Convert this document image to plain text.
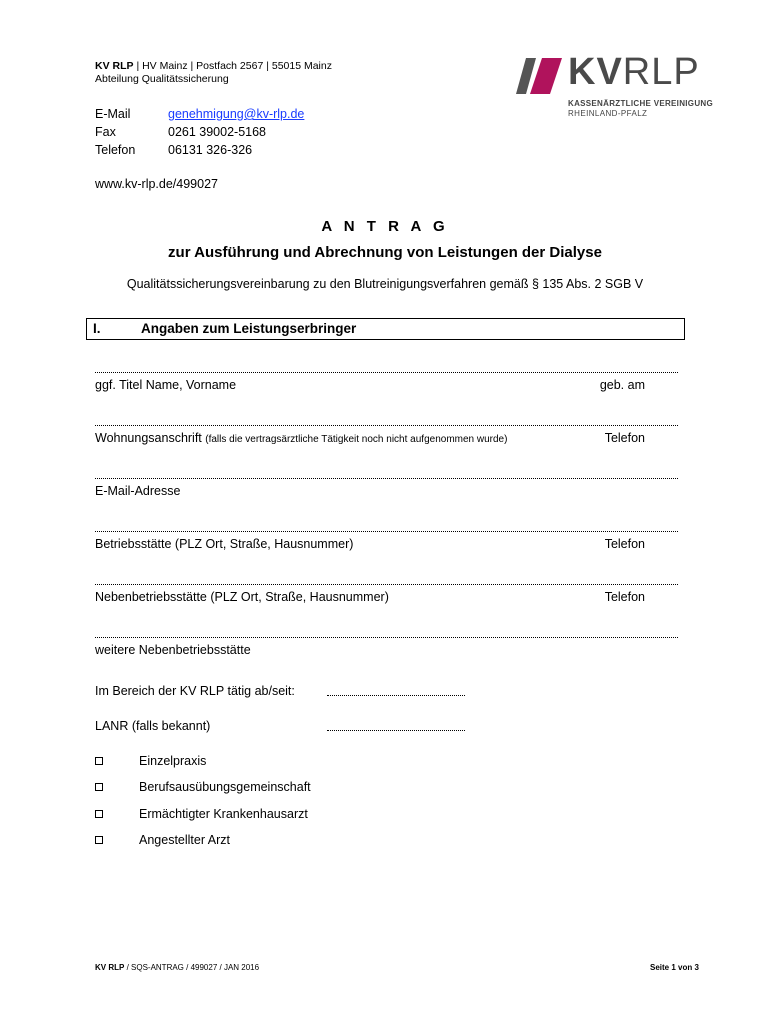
KV RLP | HV Mainz | Postfach 2567 | 55015 Mainz
Abteilung Qualitätssicherung
E-Mail	genehmigung@kv-rlp.de
Fax	0261 39002-5168
Telefon	06131 326-326
www.kv-rlp.de/499027
KVRLP
KASSENÄRZTLICHE VEREINIGUNG
RHEINLAND-PFALZ
A N T R A G
zur Ausführung und Abrechnung von Leistungen der Dialyse
Qualitätssicherungsvereinbarung zu den Blutreinigungsverfahren gemäß § 135 Abs. 2 SGB V
I.	Angaben zum Leistungserbringer
ggf. Titel Name, Vorname	geb. am
Wohnungsanschrift (falls die vertragsärztliche Tätigkeit noch nicht aufgenommen wurde)	Telefon
E-Mail-Adresse
Betriebsstätte (PLZ Ort, Straße, Hausnummer)	Telefon
Nebenbetriebsstätte (PLZ Ort, Straße, Hausnummer)	Telefon
weitere Nebenbetriebsstätte
Im Bereich der KV RLP tätig ab/seit:
LANR (falls bekannt)
Einzelpraxis
Berufsausübungsgemeinschaft
Ermächtigter Krankenhausarzt
Angestellter Arzt
KV RLP / SQS-ANTRAG / 499027 / JAN 2016	Seite 1 von 3
